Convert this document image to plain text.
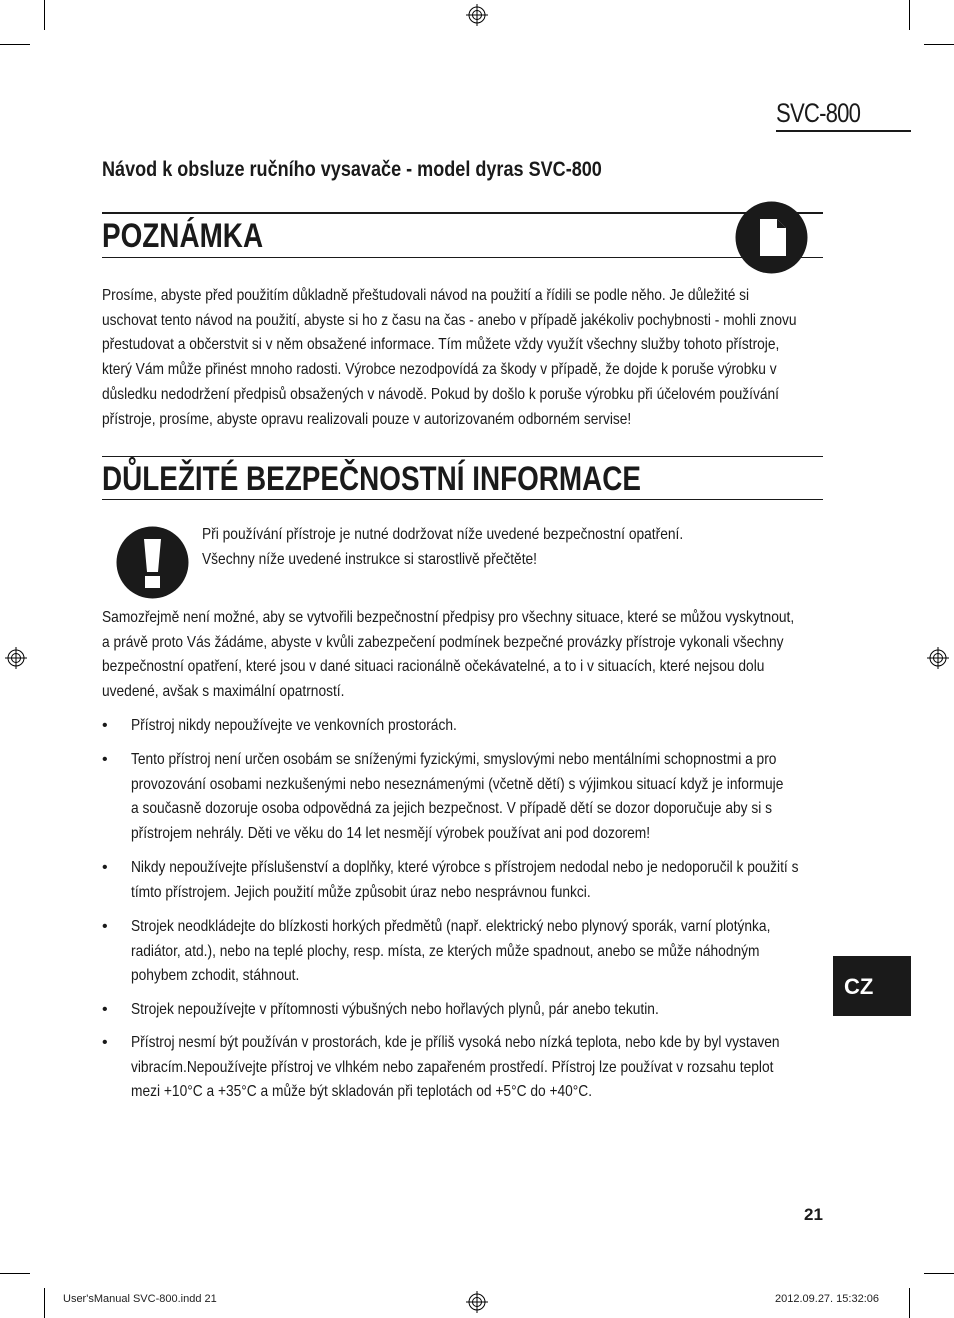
SVC-800
Návod k obsluze ručního vysavače - model dyras SVC-800
POZNÁMKA

Prosíme, abyste před použitím důkladně přeštudovali návod na použití a řídili se podle něho. Je důležité si

uschovat tento návod na použití, abyste si ho z času na čas - anebo v případě jakékoliv pochybnosti - mohli znovu

přestudovat a občerstvit si v něm obsažené informace. Tím můžete vždy využít všechny služby tohoto přístroje,

který Vám může přinést mnoho radosti. Výrobce nezodpovídá za škody v případě, že dojde k poruše výrobku v

důsledku nedodržení předpisů obsažených v návodě. Pokud by došlo k poruše výrobku při účelovém používání

přístroje, prosíme, abyste opravu realizovali pouze v autorizovaném odborném servise!

DŮLEŽITÉ BEZPEČNOSTNÍ INFORMACE

Při používání přístroje je nutné dodržovat níže uvedené bezpečnostní opatření.

Všechny níže uvedené instrukce si starostlivě přečtěte!

Samozřejmě není možné, aby se vytvořili bezpečnostní předpisy pro všechny situace, které se můžou vyskytnout,

a právě proto Vás žádáme, abyste v kvůli zabezpečení podmínek bezpečné provázky přístroje vykonali všechny

bezpečnostní opatření, které jsou v dané situaci racionálně očekávatelné, a to i v situacích, které nejsou dolu

uvedené, avšak s maximální opatrností.

• Přístroj nikdy nepoužívejte ve venkovních prostorách.

• Tento přístroj není určen osobám se sníženými fyzickými, smyslovými nebo mentálními schopnostmi a pro

provozování osobami nezkušenými nebo neseznámenými (včetně dětí) s výjimkou situací když je informuje

a současně dozoruje osoba odpovědná za jejich bezpečnost. V případě dětí se dozor doporučuje aby si s

přístrojem nehrály. Děti ve věku do 14 let nesmějí výrobek používat ani pod dozorem!

• Nikdy nepoužívejte příslušenství a doplňky, které výrobce s přístrojem nedodal nebo je nedoporučil k použití s

tímto přístrojem. Jejich použití může způsobit úraz nebo nesprávnou funkci.

• Strojek neodkládejte do blízkosti horkých předmětů (např. elektrický nebo plynový sporák, varní plotýnka,

radiátor, atd.), nebo na teplé plochy, resp. místa, ze kterých může spadnout, anebo se může náhodným

pohybem zchodit, stáhnout.

• Strojek nepoužívejte v přítomnosti výbušných nebo hořlavých plynů, pár anebo tekutin.

• Přístroj nesmí být používán v prostorách, kde je příliš vysoká nebo nízká teplota, nebo kde by byl vystaven

vibracím.Nepoužívejte přístroj ve vlhkém nebo zapařeném prostředí. Přístroj lze používat v rozsahu teplot

mezi +10°C a +35°C a může být skladován při teplotách od +5°C do +40°C.

CZ
21
User'sManual SVC-800.indd 21	2012.09.27. 15:32:06
